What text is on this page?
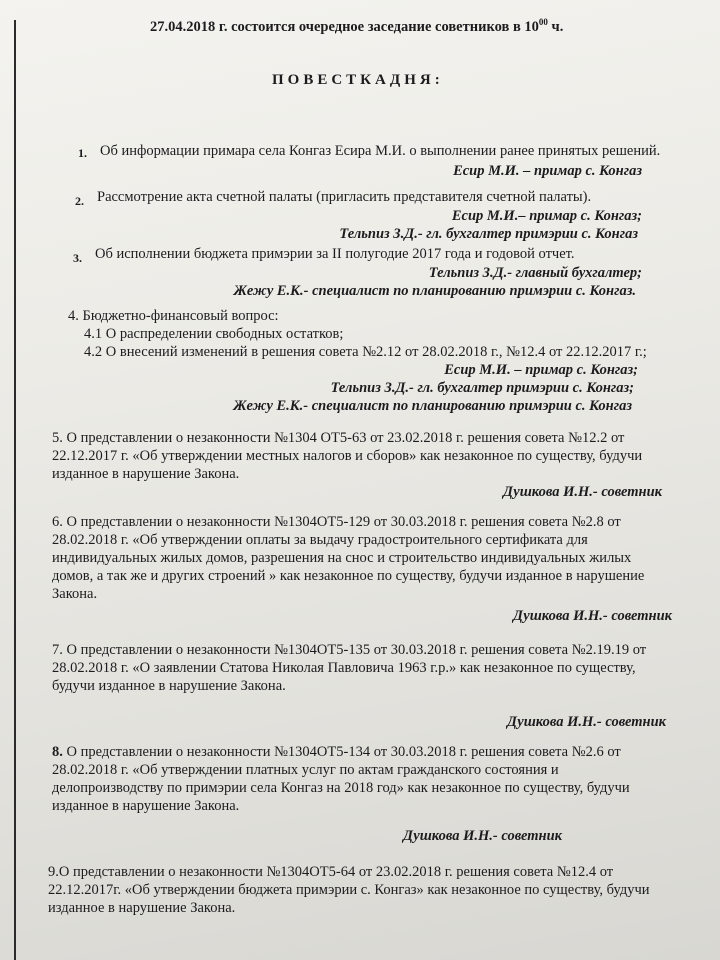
27.04.2018 г. состоится очередное заседание советников в $10^{00}$ ч.
ПОВЕСТКАДНЯ:
1. Об информации примара села Конгаз Есира М.И. о выполнении ранее принятых решений.
Есир М.И. – примар с. Конгаз
2. Рассмотрение акта счетной палаты (пригласить представителя счетной палаты).
Есир М.И.– примар с. Конгаз;
Тельпиз З.Д.- гл. бухгалтер примэрии с. Конгаз
3. Об исполнении бюджета примэрии за II полугодие 2017 года и годовой отчет.
Тельпиз З.Д.- главный бухгалтер;
Жежу Е.К.- специалист по планированию примэрии с. Конгаз.
4. Бюджетно-финансовый вопрос:
4.1 О распределении свободных остатков;
4.2 О внесений изменений в решения совета №2.12 от 28.02.2018 г., №12.4 от 22.12.2017 г.;
Есир М.И. – примар с. Конгаз;
Тельпиз З.Д.- гл. бухгалтер примэрии с. Конгаз;
Жежу Е.К.- специалист по планированию примэрии с. Конгаз
5. О представлении о незаконности №1304 ОТ5-63 от 23.02.2018 г. решения совета №12.2 от
22.12.2017 г. «Об утверждении местных налогов и сборов» как незаконное по существу, будучи
изданное в нарушение Закона.
Душкова И.Н.- советник
6. О представлении о незаконности №1304ОТ5-129 от 30.03.2018 г. решения совета №2.8 от
28.02.2018 г. «Об утверждении оплаты за выдачу градостроительного сертификата для
индивидуальных жилых домов, разрешения на снос и строительство индивидуальных жилых
домов, а так же и других строений » как незаконное по существу, будучи изданное в нарушение
Закона.
Душкова И.Н.- советник
7. О представлении о незаконности №1304ОТ5-135 от 30.03.2018 г. решения совета №2.19.19 от
28.02.2018 г. «О заявлении Статова Николая Павловича 1963 г.р.» как незаконное по существу,
будучи изданное в нарушение Закона.
Душкова И.Н.- советник
8. О представлении о незаконности №1304ОТ5-134 от 30.03.2018 г. решения совета №2.6 от
28.02.2018 г. «Об утверждении платных услуг по актам гражданского состояния и
делопроизводству по примэрии села Конгаз на 2018 год» как незаконное по существу, будучи
изданное в нарушение Закона.
Душкова И.Н.- советник
9.О представлении о незаконности №1304ОТ5-64 от 23.02.2018 г. решения совета №12.4 от
22.12.2017г. «Об утверждении бюджета примэрии с. Конгаз» как незаконное по существу, будучи
изданное в нарушение Закона.
